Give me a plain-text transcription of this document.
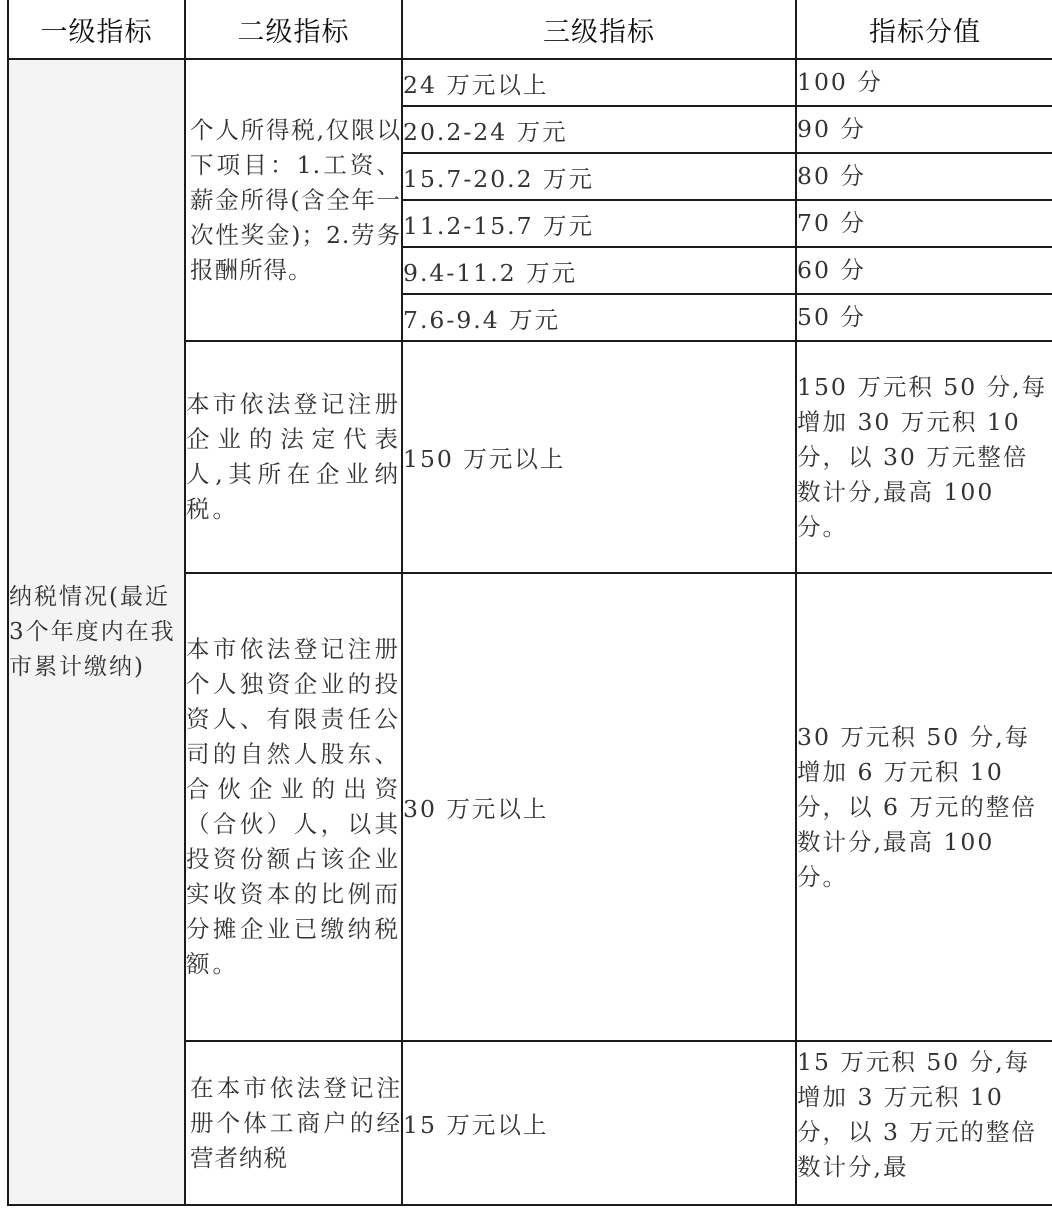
一级指标	二级指标	三级指标	指标分值
纳税情况(最近3个年度内在我市累计缴纳)	个人所得税,仅限以下项目：1.工资、薪金所得(含全年一次性奖金)；2.劳务报酬所得。	24 万元以上	100 分
		20.2-24 万元	90 分
		15.7-20.2 万元	80 分
		11.2-15.7 万元	70 分
		9.4-11.2 万元	60 分
		7.6-9.4 万元	50 分
	本市依法登记注册企业的法定代表人,其所在企业纳税。	150 万元以上	150 万元积 50 分,每增加 30 万元积 10 分，以 30 万元整倍数计分,最高 100 分。
	本市依法登记注册个人独资企业的投资人、有限责任公司的自然人股东、合伙企业的出资（合伙）人，以其投资份额占该企业实收资本的比例而分摊企业已缴纳税额。	30 万元以上	30 万元积 50 分,每增加 6 万元积 10 分，以 6 万元的整倍数计分,最高 100 分。
	在本市依法登记注册个体工商户的经营者纳税	15 万元以上	15 万元积 50 分,每增加 3 万元积 10 分，以 3 万元的整倍数计分,最
